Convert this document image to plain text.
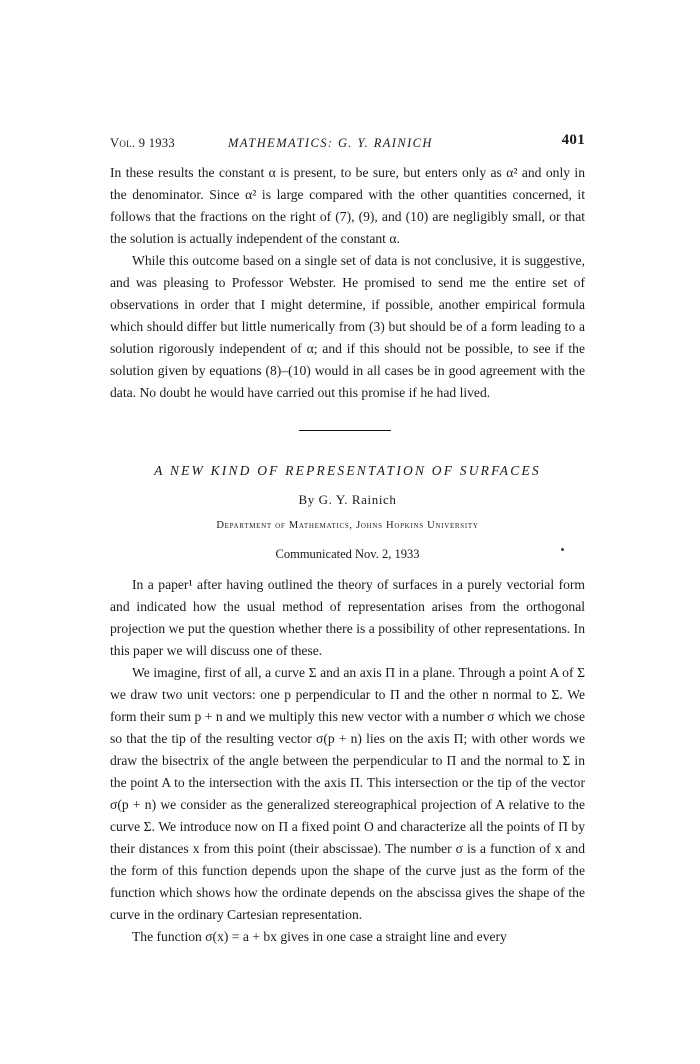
Vol. 9 1933	MATHEMATICS: G. Y. RAINICH	401

In these results the constant α is present, to be sure, but enters only as α² and only in the denominator. Since α² is large compared with the other quantities concerned, it follows that the fractions on the right of (7), (9), and (10) are negligibly small, or that the solution is actually independent of the constant α.

While this outcome based on a single set of data is not conclusive, it is suggestive, and was pleasing to Professor Webster. He promised to send me the entire set of observations in order that I might determine, if possible, another empirical formula which should differ but little numerically from (3) but should be of a form leading to a solution rigorously independent of α; and if this should not be possible, to see if the solution given by equations (8)–(10) would in all cases be in good agreement with the data. No doubt he would have carried out this promise if he had lived.

A NEW KIND OF REPRESENTATION OF SURFACES
By G. Y. Rainich
Department of Mathematics, Johns Hopkins University
Communicated Nov. 2, 1933

In a paper¹ after having outlined the theory of surfaces in a purely vectorial form and indicated how the usual method of representation arises from the orthogonal projection we put the question whether there is a possibility of other representations. In this paper we will discuss one of these.

We imagine, first of all, a curve Σ and an axis Π in a plane. Through a point A of Σ we draw two unit vectors: one p perpendicular to Π and the other n normal to Σ. We form their sum p + n and we multiply this new vector with a number σ which we chose so that the tip of the resulting vector σ(p + n) lies on the axis Π; with other words we draw the bisectrix of the angle between the perpendicular to Π and the normal to Σ in the point A to the intersection with the axis Π. This intersection or the tip of the vector σ(p + n) we consider as the generalized stereographical projection of A relative to the curve Σ. We introduce now on Π a fixed point O and characterize all the points of Π by their distances x from this point (their abscissae). The number σ is a function of x and the form of this function depends upon the shape of the curve just as the form of the function which shows how the ordinate depends on the abscissa gives the shape of the curve in the ordinary Cartesian representation.

The function σ(x) = a + bx gives in one case a straight line and every
